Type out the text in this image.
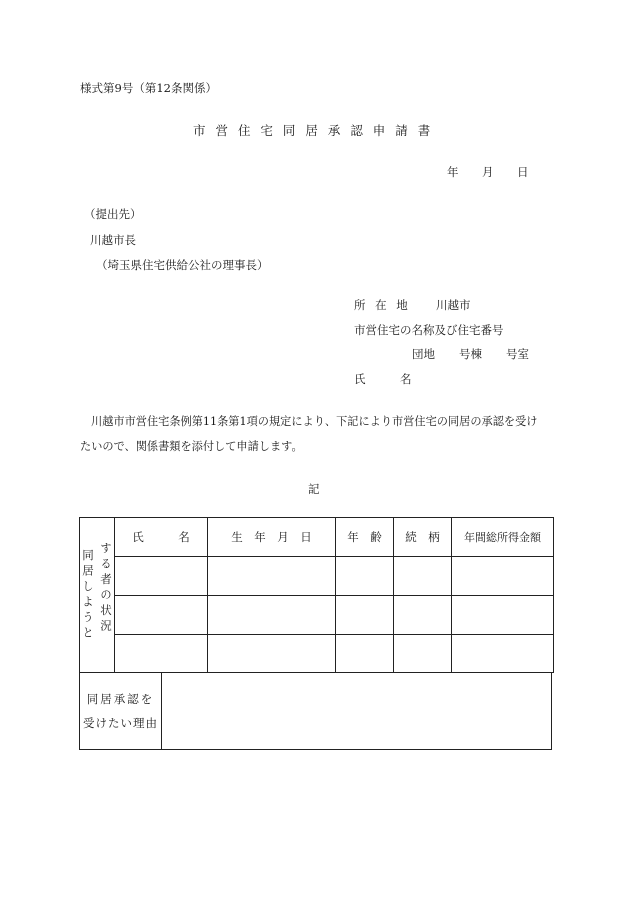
様式第9号（第12条関係）
市 営 住 宅 同 居 承 認 申 請 書
年 月 日
（提出先）
川越市長
（埼玉県住宅供給公社の理事長）
所 在 地 川越市
市営住宅の名称及び住宅番号
団地 号棟 号室
氏　　　名
川越市市営住宅条例第11条第1項の規定により、下記により市営住宅の同居の承認を受け
たいので、関係書類を添付して申請します。
記
同居しようと する者の状況	氏　　　名	生　年　月　日	年　齢	続　柄	年間総所得金額

同居承認を
受けたい理由
